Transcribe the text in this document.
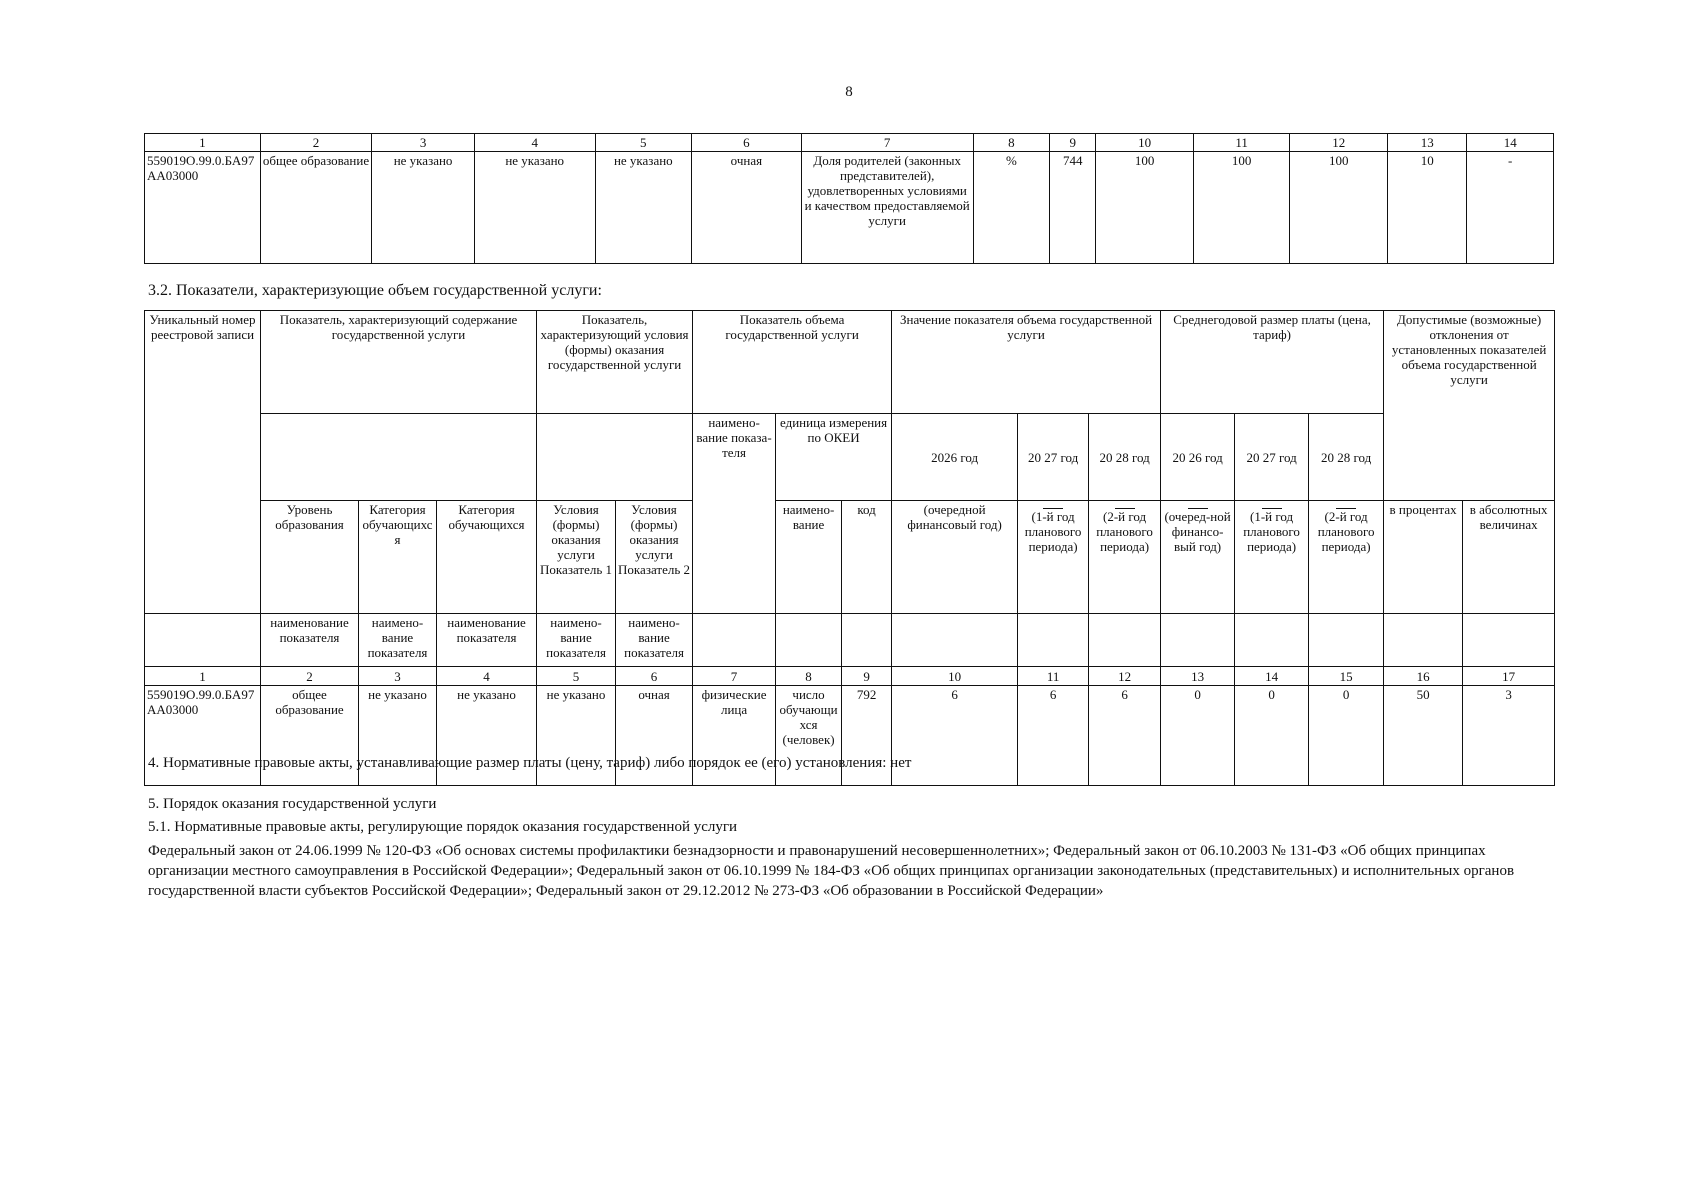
8
1	2	3	4	5	6	7	8	9	10	11	12	13	14
559019О.99.0.БА97АА03000	общее образование	не указано	не указано	не указано	очная	Доля родителей (законных представителей), удовлетворенных условиями и качеством предоставляемой услуги	%	744	100	100	100	10	-
3.2. Показатели, характеризующие объем государственной услуги:
Уникальный номер реестровой записи	Показатель, характеризующий содержание государственной услуги			Показатель, характеризующий условия (формы) оказания государственной услуги		Показатель объема государственной услуги			Значение показателя объема государственной услуги			Среднегодовой размер платы (цена, тариф)			Допустимые (возможные) отклонения от установленных показателей объема государственной услуги	
						наимено-вание показа-теля	единица измерения по ОКЕИ		2026 год	20 27 год	20 28 год	20 26 год	20 27 год	20 28 год		
	Уровень образования	Категория обучающихся	Категория обучающихся	Условия (формы) оказания услуги Показатель 1	Условия (формы) оказания услуги Показатель 2		наимено-вание	код	(очередной финансовый год)	(1-й год планового периода)	(2-й год планового периода)	(очеред-ной финансо-вый год)	(1-й год планового периода)	(2-й год планового периода)	в процентах	в абсолютных величинах
	наименование показателя	наимено-вание показателя	наименование показателя	наимено-вание показателя	наимено-вание показателя											
1	2	3	4	5	6	7	8	9	10	11	12	13	14	15	16	17
559019О.99.0.БА97АА03000	общее образование	не указано	не указано	не указано	очная	физические лица	число обучающихся (человек)	792	6	6	6	0	0	0	50	3
4. Нормативные правовые акты, устанавливающие размер платы (цену, тариф) либо порядок ее (его) установления: нет
5. Порядок оказания государственной услуги
5.1. Нормативные правовые акты, регулирующие порядок оказания государственной услуги
Федеральный закон от 24.06.1999 № 120-ФЗ «Об основах системы профилактики безнадзорности и правонарушений несовершеннолетних»; Федеральный закон от 06.10.2003 № 131-ФЗ «Об общих принципах организации местного самоуправления в Российской Федерации»; Федеральный закон от 06.10.1999 № 184-ФЗ «Об общих принципах организации законодательных (представительных) и исполнительных органов государственной власти субъектов Российской Федерации»; Федеральный закон от 29.12.2012 № 273-ФЗ «Об образовании в Российской Федерации»
